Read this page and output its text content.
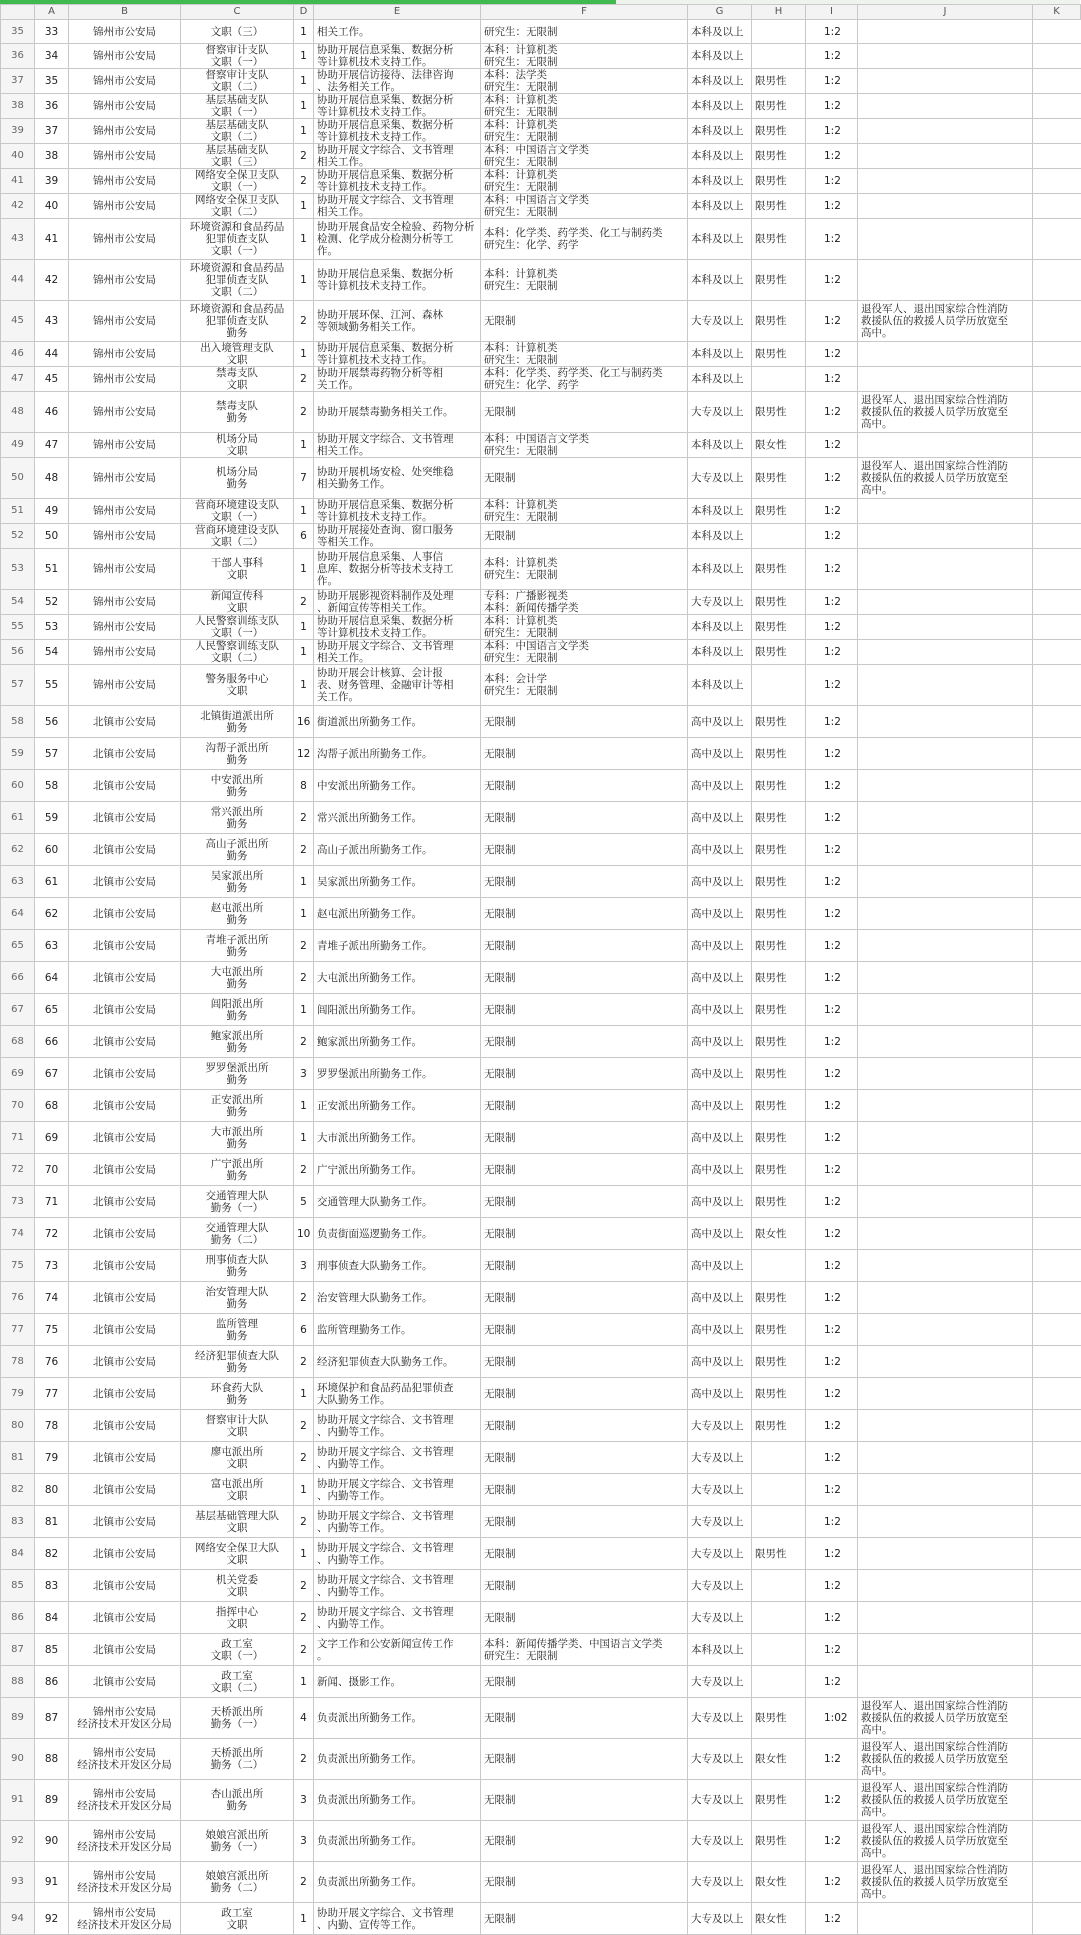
	A	B	C	D	E	F	G	H	I	J	K
35	33	锦州市公安局	文职（三）	1	相关工作。	研究生：无限制	本科及以上		1:2		

36	34	锦州市公安局	督察审计支队
文职（一）	1	协助开展信息采集、数据分析
等计算机技术支持工作。	本科：计算机类
研究生：无限制	本科及以上		1:2		

37	35	锦州市公安局	督察审计支队
文职（二）	1	协助开展信访接待、法律咨询
、法务相关工作。	本科：法学类
研究生：无限制	本科及以上	限男性	1:2		

38	36	锦州市公安局	基层基础支队
文职（一）	1	协助开展信息采集、数据分析
等计算机技术支持工作。	本科：计算机类
研究生：无限制	本科及以上	限男性	1:2		

39	37	锦州市公安局	基层基础支队
文职（二）	1	协助开展信息采集、数据分析
等计算机技术支持工作。	本科：计算机类
研究生：无限制	本科及以上	限男性	1:2		

40	38	锦州市公安局	基层基础支队
文职（三）	2	协助开展文字综合、文书管理
相关工作。	本科：中国语言文学类
研究生：无限制	本科及以上	限男性	1:2		

41	39	锦州市公安局	网络安全保卫支队
文职（一）	2	协助开展信息采集、数据分析
等计算机技术支持工作。	本科：计算机类
研究生：无限制	本科及以上	限男性	1:2		

42	40	锦州市公安局	网络安全保卫支队
文职（二）	1	协助开展文字综合、文书管理
相关工作。	本科：中国语言文学类
研究生：无限制	本科及以上	限男性	1:2		

43	41	锦州市公安局	环境资源和食品药品
犯罪侦查支队
文职（一）	1	协助开展食品安全检验、药物分析
检测、化学成分检测分析等工
作。	本科：化学类、药学类、化工与制药类
研究生：化学、药学	本科及以上	限男性	1:2		

44	42	锦州市公安局	环境资源和食品药品
犯罪侦查支队
文职（二）	1	协助开展信息采集、数据分析
等计算机技术支持工作。	本科：计算机类
研究生：无限制	本科及以上	限男性	1:2		

45	43	锦州市公安局	环境资源和食品药品
犯罪侦查支队
勤务	2	协助开展环保、江河、森林
等领域勤务相关工作。	无限制	大专及以上	限男性	1:2	退役军人、退出国家综合性消防
救援队伍的救援人员学历放宽至
高中。	

46	44	锦州市公安局	出入境管理支队
文职	1	协助开展信息采集、数据分析
等计算机技术支持工作。	本科：计算机类
研究生：无限制	本科及以上	限男性	1:2		

47	45	锦州市公安局	禁毒支队
文职	2	协助开展禁毒药物分析等相
关工作。	本科：化学类、药学类、化工与制药类
研究生：化学、药学	本科及以上		1:2		

48	46	锦州市公安局	禁毒支队
勤务	2	协助开展禁毒勤务相关工作。	无限制	大专及以上	限男性	1:2	退役军人、退出国家综合性消防
救援队伍的救援人员学历放宽至
高中。	

49	47	锦州市公安局	机场分局
文职	1	协助开展文字综合、文书管理
相关工作。	本科：中国语言文学类
研究生：无限制	本科及以上	限女性	1:2		

50	48	锦州市公安局	机场分局
勤务	7	协助开展机场安检、处突维稳
相关勤务工作。	无限制	大专及以上	限男性	1:2	退役军人、退出国家综合性消防
救援队伍的救援人员学历放宽至
高中。	

51	49	锦州市公安局	营商环境建设支队
文职（一）	1	协助开展信息采集、数据分析
等计算机技术支持工作。	本科：计算机类
研究生：无限制	本科及以上	限男性	1:2		

52	50	锦州市公安局	营商环境建设支队
文职（二）	6	协助开展接处查询、窗口服务
等相关工作。	无限制	本科及以上		1:2		

53	51	锦州市公安局	干部人事科
文职	1	协助开展信息采集、人事信
息库、数据分析等技术支持工
作。	本科：计算机类
研究生：无限制	本科及以上	限男性	1:2		

54	52	锦州市公安局	新闻宣传科
文职	2	协助开展影视资料制作及处理
、新闻宣传等相关工作。	专科：广播影视类
本科：新闻传播学类	大专及以上	限男性	1:2		

55	53	锦州市公安局	人民警察训练支队
文职（一）	1	协助开展信息采集、数据分析
等计算机技术支持工作。	本科：计算机类
研究生：无限制	本科及以上	限男性	1:2		

56	54	锦州市公安局	人民警察训练支队
文职（二）	1	协助开展文字综合、文书管理
相关工作。	本科：中国语言文学类
研究生：无限制	本科及以上	限男性	1:2		

57	55	锦州市公安局	警务服务中心
文职	1	协助开展会计核算、会计报
表、财务管理、金融审计等相
关工作。	本科：会计学
研究生：无限制	本科及以上		1:2		

58	56	北镇市公安局	北镇街道派出所
勤务	16	街道派出所勤务工作。	无限制	高中及以上	限男性	1:2		

59	57	北镇市公安局	沟帮子派出所
勤务	12	沟帮子派出所勤务工作。	无限制	高中及以上	限男性	1:2		

60	58	北镇市公安局	中安派出所
勤务	8	中安派出所勤务工作。	无限制	高中及以上	限男性	1:2		

61	59	北镇市公安局	常兴派出所
勤务	2	常兴派出所勤务工作。	无限制	高中及以上	限男性	1:2		

62	60	北镇市公安局	高山子派出所
勤务	2	高山子派出所勤务工作。	无限制	高中及以上	限男性	1:2		

63	61	北镇市公安局	吴家派出所
勤务	1	吴家派出所勤务工作。	无限制	高中及以上	限男性	1:2		

64	62	北镇市公安局	赵屯派出所
勤务	1	赵屯派出所勤务工作。	无限制	高中及以上	限男性	1:2		

65	63	北镇市公安局	青堆子派出所
勤务	2	青堆子派出所勤务工作。	无限制	高中及以上	限男性	1:2		

66	64	北镇市公安局	大屯派出所
勤务	2	大屯派出所勤务工作。	无限制	高中及以上	限男性	1:2		

67	65	北镇市公安局	闾阳派出所
勤务	1	闾阳派出所勤务工作。	无限制	高中及以上	限男性	1:2		

68	66	北镇市公安局	鲍家派出所
勤务	2	鲍家派出所勤务工作。	无限制	高中及以上	限男性	1:2		

69	67	北镇市公安局	罗罗堡派出所
勤务	3	罗罗堡派出所勤务工作。	无限制	高中及以上	限男性	1:2		

70	68	北镇市公安局	正安派出所
勤务	1	正安派出所勤务工作。	无限制	高中及以上	限男性	1:2		

71	69	北镇市公安局	大市派出所
勤务	1	大市派出所勤务工作。	无限制	高中及以上	限男性	1:2		

72	70	北镇市公安局	广宁派出所
勤务	2	广宁派出所勤务工作。	无限制	高中及以上	限男性	1:2		

73	71	北镇市公安局	交通管理大队
勤务（一）	5	交通管理大队勤务工作。	无限制	高中及以上	限男性	1:2		

74	72	北镇市公安局	交通管理大队
勤务（二）	10	负责街面巡逻勤务工作。	无限制	高中及以上	限女性	1:2		

75	73	北镇市公安局	刑事侦查大队
勤务	3	刑事侦查大队勤务工作。	无限制	高中及以上		1:2		

76	74	北镇市公安局	治安管理大队
勤务	2	治安管理大队勤务工作。	无限制	高中及以上	限男性	1:2		

77	75	北镇市公安局	监所管理
勤务	6	监所管理勤务工作。	无限制	高中及以上	限男性	1:2		

78	76	北镇市公安局	经济犯罪侦查大队
勤务	2	经济犯罪侦查大队勤务工作。	无限制	高中及以上	限男性	1:2		

79	77	北镇市公安局	环食药大队
勤务	1	环境保护和食品药品犯罪侦查
大队勤务工作。	无限制	高中及以上	限男性	1:2		

80	78	北镇市公安局	督察审计大队
文职	2	协助开展文字综合、文书管理
、内勤等工作。	无限制	大专及以上	限男性	1:2		

81	79	北镇市公安局	廖屯派出所
文职	2	协助开展文字综合、文书管理
、内勤等工作。	无限制	大专及以上		1:2		

82	80	北镇市公安局	富屯派出所
文职	1	协助开展文字综合、文书管理
、内勤等工作。	无限制	大专及以上		1:2		

83	81	北镇市公安局	基层基础管理大队
文职	2	协助开展文字综合、文书管理
、内勤等工作。	无限制	大专及以上		1:2		

84	82	北镇市公安局	网络安全保卫大队
文职	1	协助开展文字综合、文书管理
、内勤等工作。	无限制	大专及以上	限男性	1:2		

85	83	北镇市公安局	机关党委
文职	2	协助开展文字综合、文书管理
、内勤等工作。	无限制	大专及以上		1:2		

86	84	北镇市公安局	指挥中心
文职	2	协助开展文字综合、文书管理
、内勤等工作。	无限制	大专及以上		1:2		

87	85	北镇市公安局	政工室
文职（一）	2	文字工作和公安新闻宣传工作
。	本科：新闻传播学类、中国语言文学类
研究生：无限制	本科及以上		1:2		

88	86	北镇市公安局	政工室
文职（二）	1	新闻、摄影工作。	无限制	大专及以上		1:2		

89	87	锦州市公安局
经济技术开发区分局	天桥派出所
勤务（一）	4	负责派出所勤务工作。	无限制	大专及以上	限男性	1:02	退役军人、退出国家综合性消防
救援队伍的救援人员学历放宽至
高中。	

90	88	锦州市公安局
经济技术开发区分局	天桥派出所
勤务（二）	2	负责派出所勤务工作。	无限制	大专及以上	限女性	1:2	退役军人、退出国家综合性消防
救援队伍的救援人员学历放宽至
高中。	

91	89	锦州市公安局
经济技术开发区分局	杏山派出所
勤务	3	负责派出所勤务工作。	无限制	大专及以上	限男性	1:2	退役军人、退出国家综合性消防
救援队伍的救援人员学历放宽至
高中。	

92	90	锦州市公安局
经济技术开发区分局	娘娘宫派出所
勤务（一）	3	负责派出所勤务工作。	无限制	大专及以上	限男性	1:2	退役军人、退出国家综合性消防
救援队伍的救援人员学历放宽至
高中。	

93	91	锦州市公安局
经济技术开发区分局	娘娘宫派出所
勤务（二）	2	负责派出所勤务工作。	无限制	大专及以上	限女性	1:2	退役军人、退出国家综合性消防
救援队伍的救援人员学历放宽至
高中。	

94	92	锦州市公安局
经济技术开发区分局	政工室
文职	1	协助开展文字综合、文书管理
、内勤、宣传等工作。	无限制	大专及以上	限女性	1:2		
